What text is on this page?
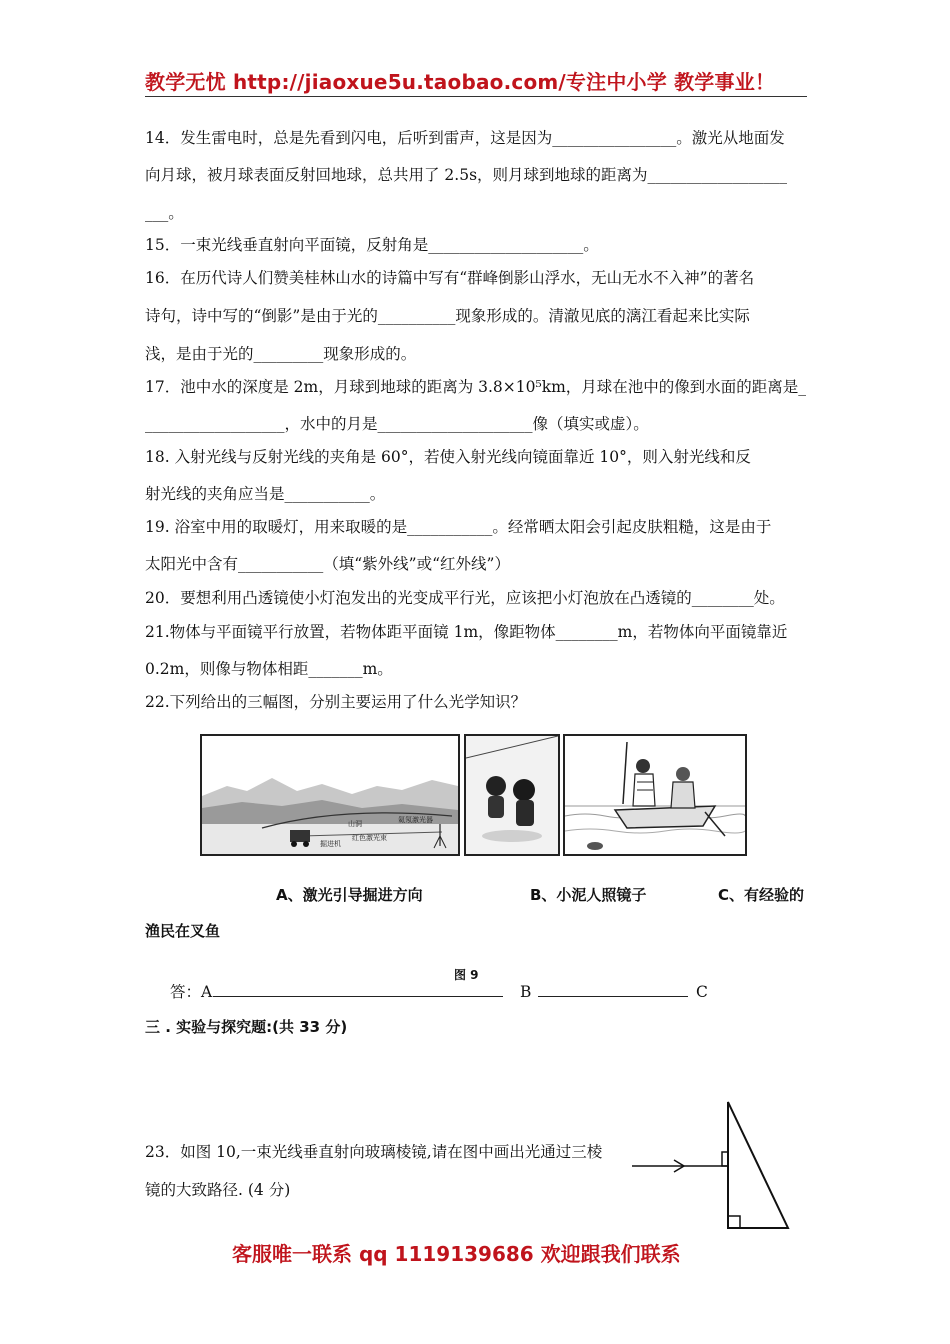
教学无忧 http://jiaoxue5u.taobao.com/专注中小学 教学事业！
14．发生雷电时，总是先看到闪电，后听到雷声，这是因为________________。激光从地面发
向月球，被月球表面反射回地球，总共用了 2.5s，则月球到地球的距离为__________________
___。
15．一束光线垂直射向平面镜，反射角是____________________。
16．在历代诗人们赞美桂林山水的诗篇中写有“群峰倒影山浮水，无山无水不入神”的著名
诗句，诗中写的“倒影”是由于光的__________现象形成的。清澈见底的漓江看起来比实际
浅，是由于光的_________现象形成的。
17．池中水的深度是 2m，月球到地球的距离为 3.8×10⁵km，月球在池中的像到水面的距离是_
__________________，水中的月是____________________像（填实或虚）。
18. 入射光线与反射光线的夹角是 60°，若使入射光线向镜面靠近 10°，则入射光线和反
射光线的夹角应当是___________。
19. 浴室中用的取暖灯，用来取暖的是___________。经常晒太阳会引起皮肤粗糙，这是由于
太阳光中含有___________（填“紫外线”或“红外线”）
20．要想利用凸透镜使小灯泡发出的光变成平行光，应该把小灯泡放在凸透镜的________处。
21.物体与平面镜平行放置，若物体距平面镜 1m，像距物体________m，若物体向平面镜靠近
0.2m，则像与物体相距_______m。
22.下列给出的三幅图，分别主要运用了什么光学知识？
山洞	氦氖激光器
红色激光束
掘进机
A、激光引导掘进方向	B、小泥人照镜子	C、有经验的
渔民在叉鱼
图 9
答：A	B	C
三 . 实验与探究题:(共 33 分)
23．如图 10,一束光线垂直射向玻璃棱镜,请在图中画出光通过三棱
镜的大致路径. (4 分)
客服唯一联系 qq 1119139686 欢迎跟我们联系
